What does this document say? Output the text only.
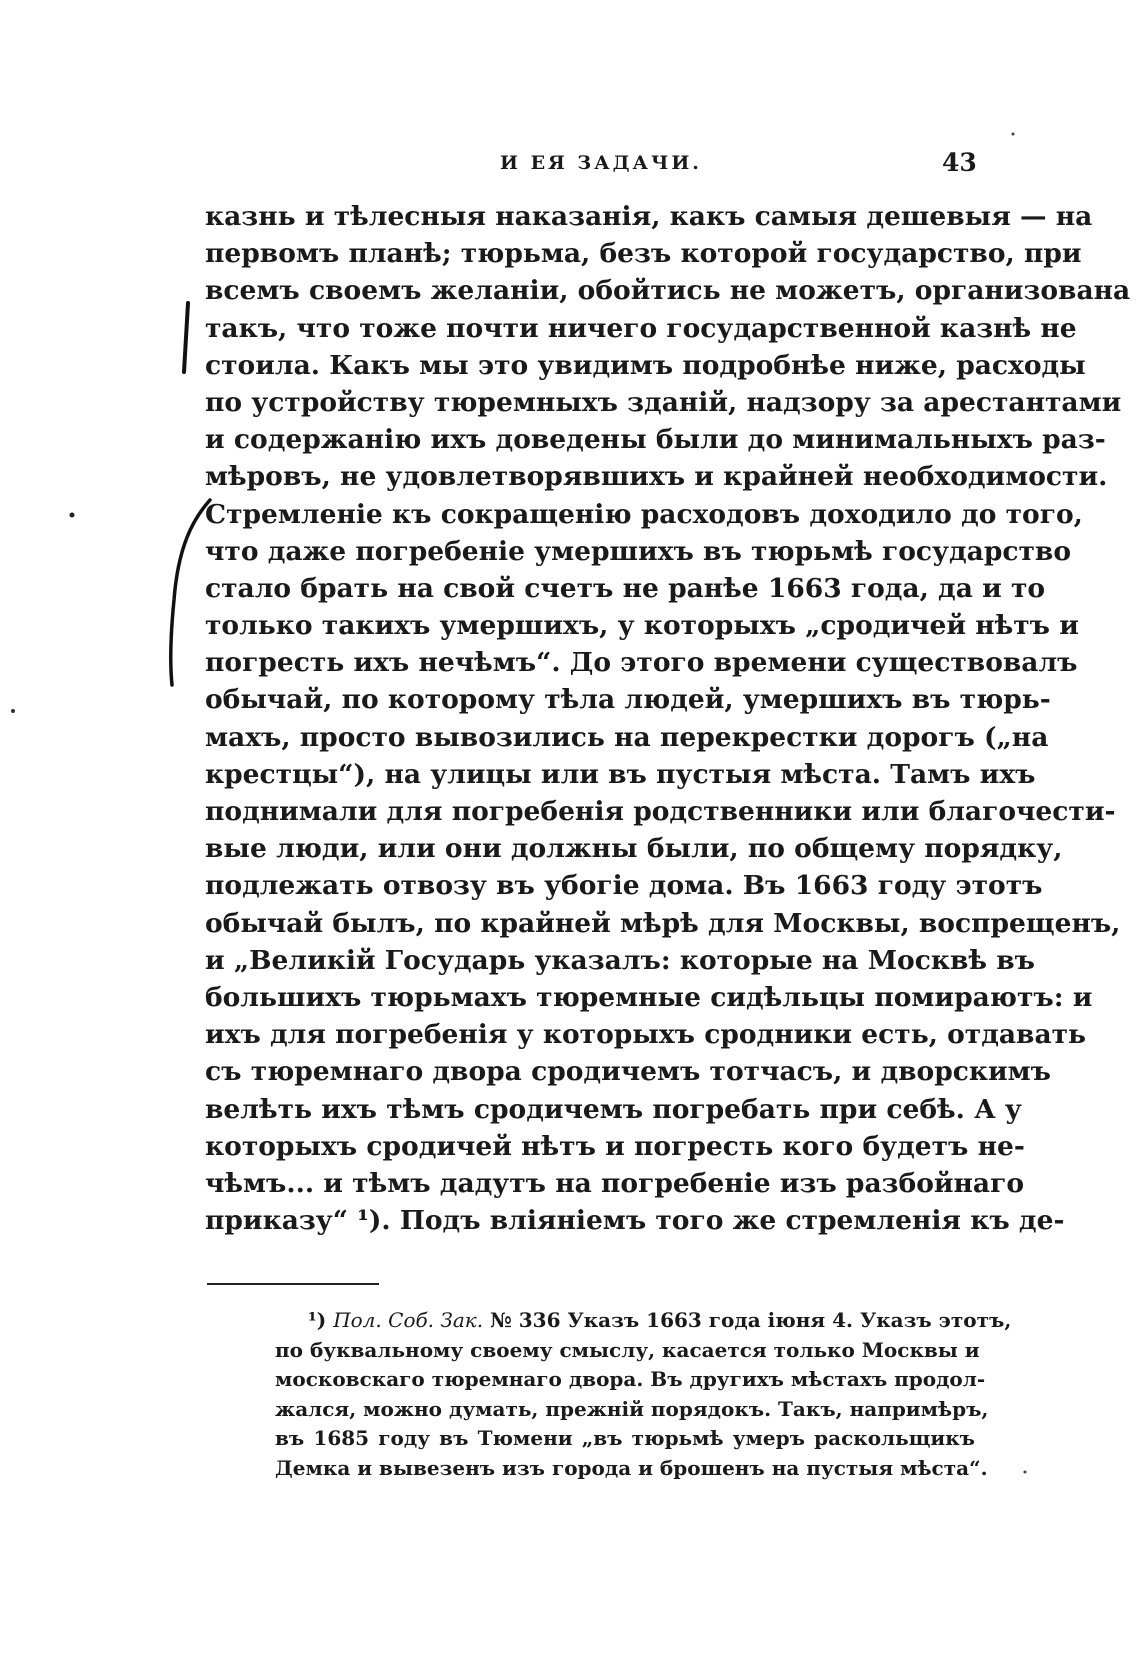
И ЕЯ ЗАДАЧИ.	43
казнь и тѣлесныя наказанія, какъ самыя дешевыя — на
первомъ планѣ; тюрьма, безъ которой государство, при
всемъ своемъ желаніи, обойтись не можетъ, организована
такъ, что тоже почти ничего государственной казнѣ не
стоила. Какъ мы это увидимъ подробнѣе ниже, расходы
по устройству тюремныхъ зданій, надзору за арестантами
и содержанію ихъ доведены были до минимальныхъ раз-
мѣровъ, не удовлетворявшихъ и крайней необходимости.
Стремленіе къ сокращенію расходовъ доходило до того,
что даже погребеніе умершихъ въ тюрьмѣ государство
стало брать на свой счетъ не ранѣе 1663 года, да и то
только такихъ умершихъ, у которыхъ „сродичей нѣтъ и
погресть ихъ нечѣмъ“. До этого времени существовалъ
обычай, по которому тѣла людей, умершихъ въ тюрь-
махъ, просто вывозились на перекрестки дорогъ („на
крестцы“), на улицы или въ пустыя мѣста. Тамъ ихъ
поднимали для погребенія родственники или благочести-
вые люди, или они должны были, по общему порядку,
подлежать отвозу въ убогіе дома. Въ 1663 году этотъ
обычай былъ, по крайней мѣрѣ для Москвы, воспрещенъ,
и „Великій Государь указалъ: которые на Москвѣ въ
большихъ тюрьмахъ тюремные сидѣльцы помираютъ: и
ихъ для погребенія у которыхъ сродники есть, отдавать
съ тюремнаго двора сродичемъ тотчасъ, и дворскимъ
велѣть ихъ тѣмъ сродичемъ погребать при себѣ. А у
которыхъ сродичей нѣтъ и погресть кого будетъ не-
чѣмъ... и тѣмъ дадутъ на погребеніе изъ разбойнаго
приказу“ ¹). Подъ вліяніемъ того же стремленія къ де-
¹) Пол. Соб. Зак. № 336 Указъ 1663 года іюня 4. Указъ этотъ,
по буквальному своему смыслу, касается только Москвы и
московскаго тюремнаго двора. Въ другихъ мѣстахъ продол-
жался, можно думать, прежній порядокъ. Такъ, напримѣръ,
въ 1685 году въ Тюмени „въ тюрьмѣ умеръ раскольщикъ
Демка и вывезенъ изъ города и брошенъ на пустыя мѣста“.
